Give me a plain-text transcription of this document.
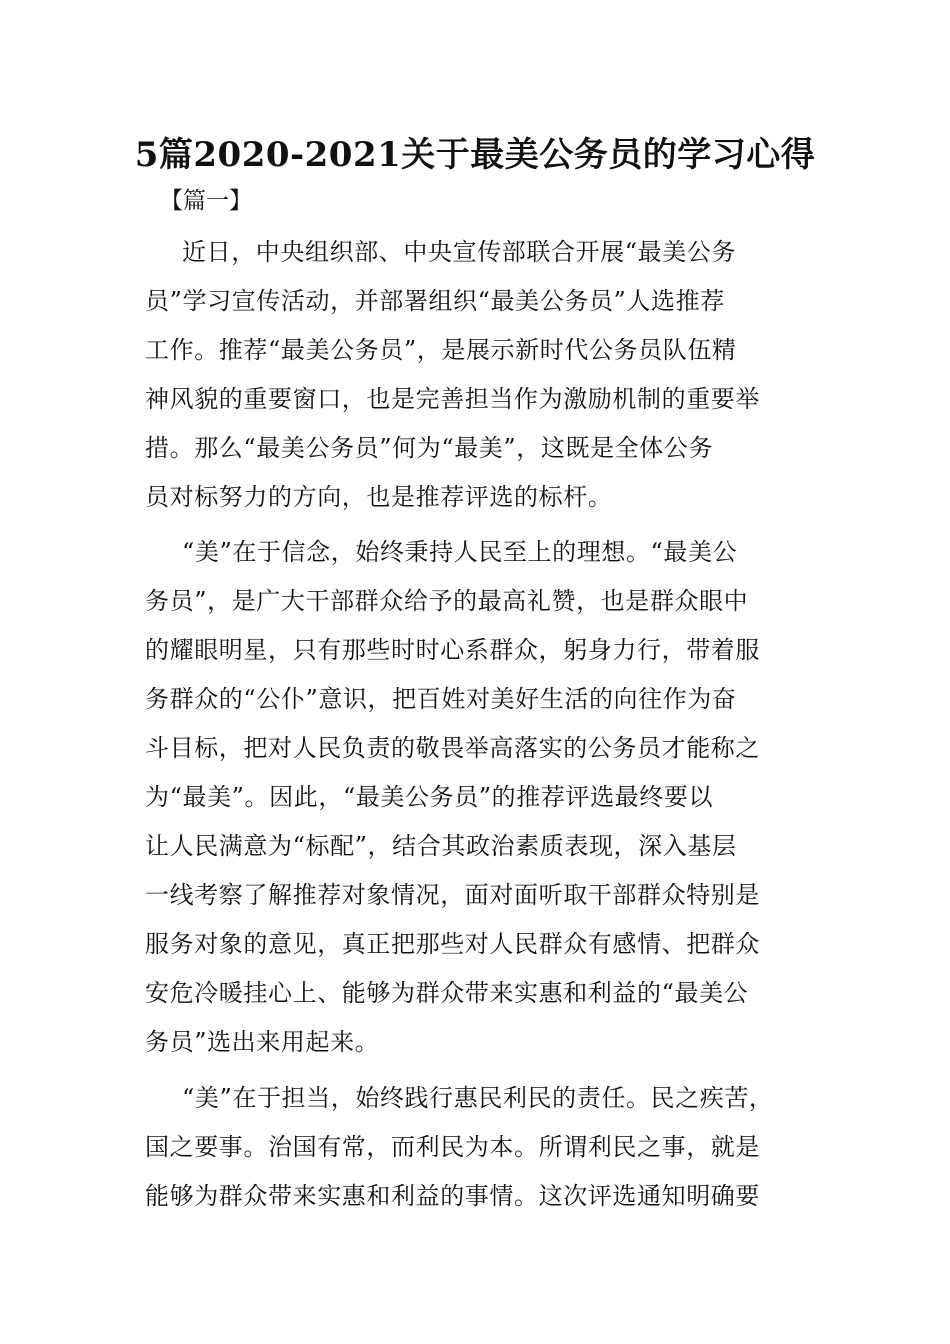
5篇2020-2021关于最美公务员的学习心得
【篇一】
近日，中央组织部、中央宣传部联合开展“最美公务
员”学习宣传活动，并部署组织“最美公务员”人选推荐
工作。推荐“最美公务员”，是展示新时代公务员队伍精
神风貌的重要窗口，也是完善担当作为激励机制的重要举
措。那么“最美公务员”何为“最美”，这既是全体公务
员对标努力的方向，也是推荐评选的标杆。
“美”在于信念，始终秉持人民至上的理想。“最美公
务员”，是广大干部群众给予的最高礼赞，也是群众眼中
的耀眼明星，只有那些时时心系群众，躬身力行，带着服
务群众的“公仆”意识，把百姓对美好生活的向往作为奋
斗目标，把对人民负责的敬畏举高落实的公务员才能称之
为“最美”。因此，“最美公务员”的推荐评选最终要以
让人民满意为“标配”，结合其政治素质表现，深入基层
一线考察了解推荐对象情况，面对面听取干部群众特别是
服务对象的意见，真正把那些对人民群众有感情、把群众
安危冷暖挂心上、能够为群众带来实惠和利益的“最美公
务员”选出来用起来。
“美”在于担当，始终践行惠民利民的责任。民之疾苦，
国之要事。治国有常，而利民为本。所谓利民之事，就是
能够为群众带来实惠和利益的事情。这次评选通知明确要
